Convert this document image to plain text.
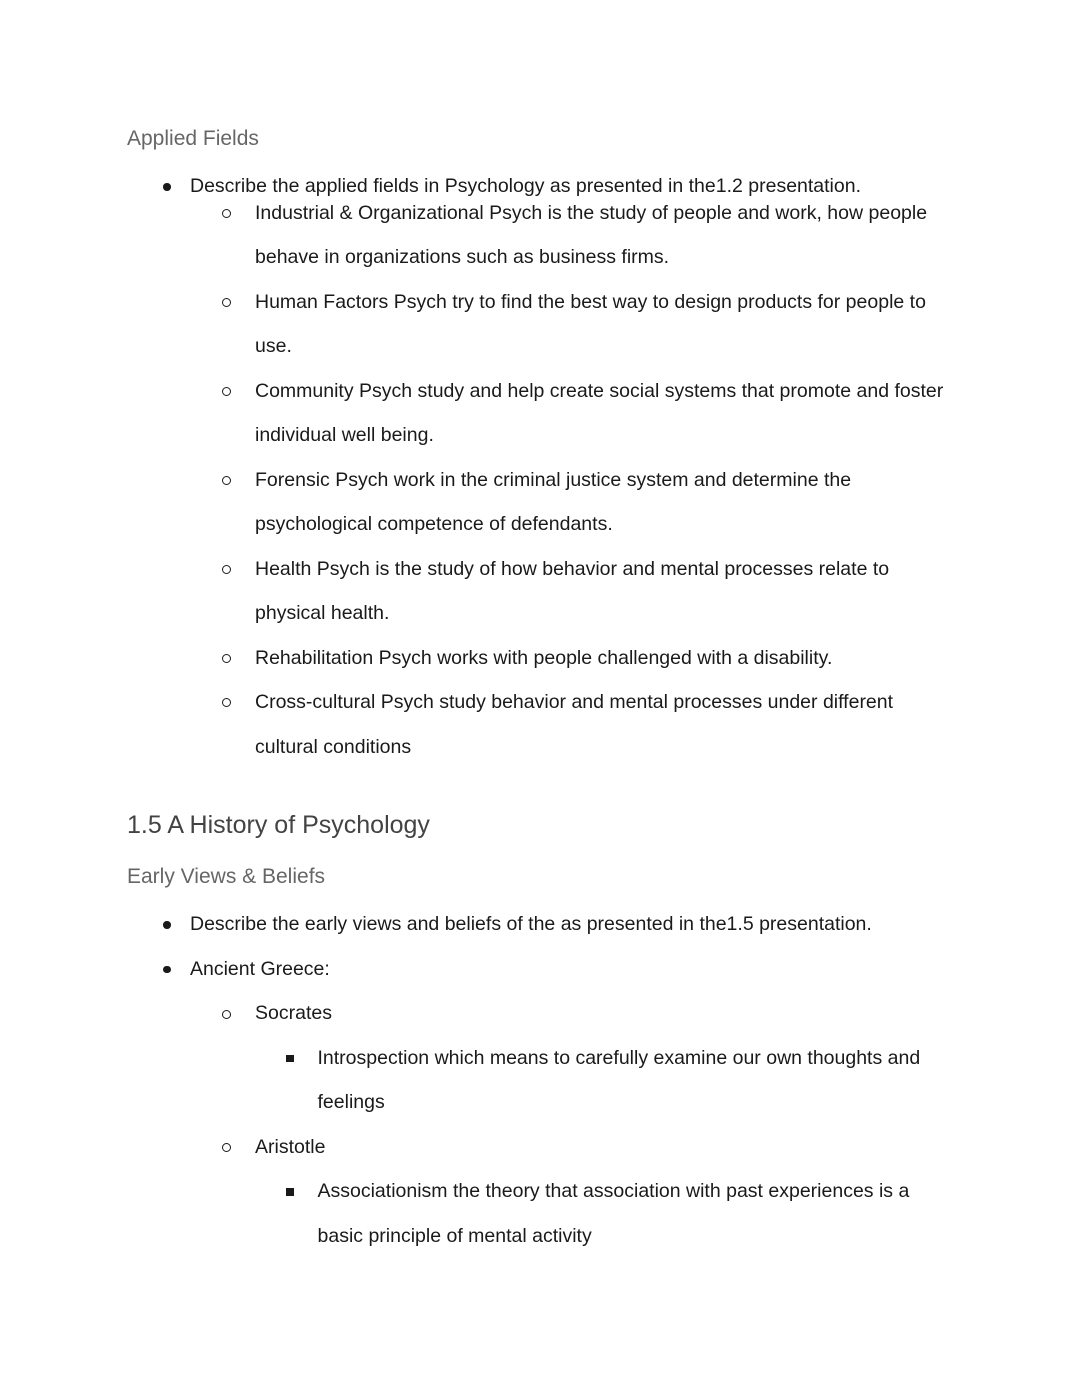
Applied Fields
Describe the applied fields in Psychology as presented in the1.2 presentation.
Industrial & Organizational Psych is the study of people and work, how people
behave in organizations such as business firms.
Human Factors Psych try to find the best way to design products for people to
use.
Community Psych study and help create social systems that promote and foster
individual well being.
Forensic Psych work in the criminal justice system and determine the
psychological competence of defendants.
Health Psych is the study of how behavior and mental processes relate to
physical health.
Rehabilitation Psych works with people challenged with a disability.
Cross-cultural Psych study behavior and mental processes under different
cultural conditions
1.5 A History of Psychology
Early Views & Beliefs
Describe the early views and beliefs of the as presented in the1.5 presentation.
Ancient Greece:
Socrates
Introspection which means to carefully examine our own thoughts and
feelings
Aristotle
Associationism the theory that association with past experiences is a
basic principle of mental activity
